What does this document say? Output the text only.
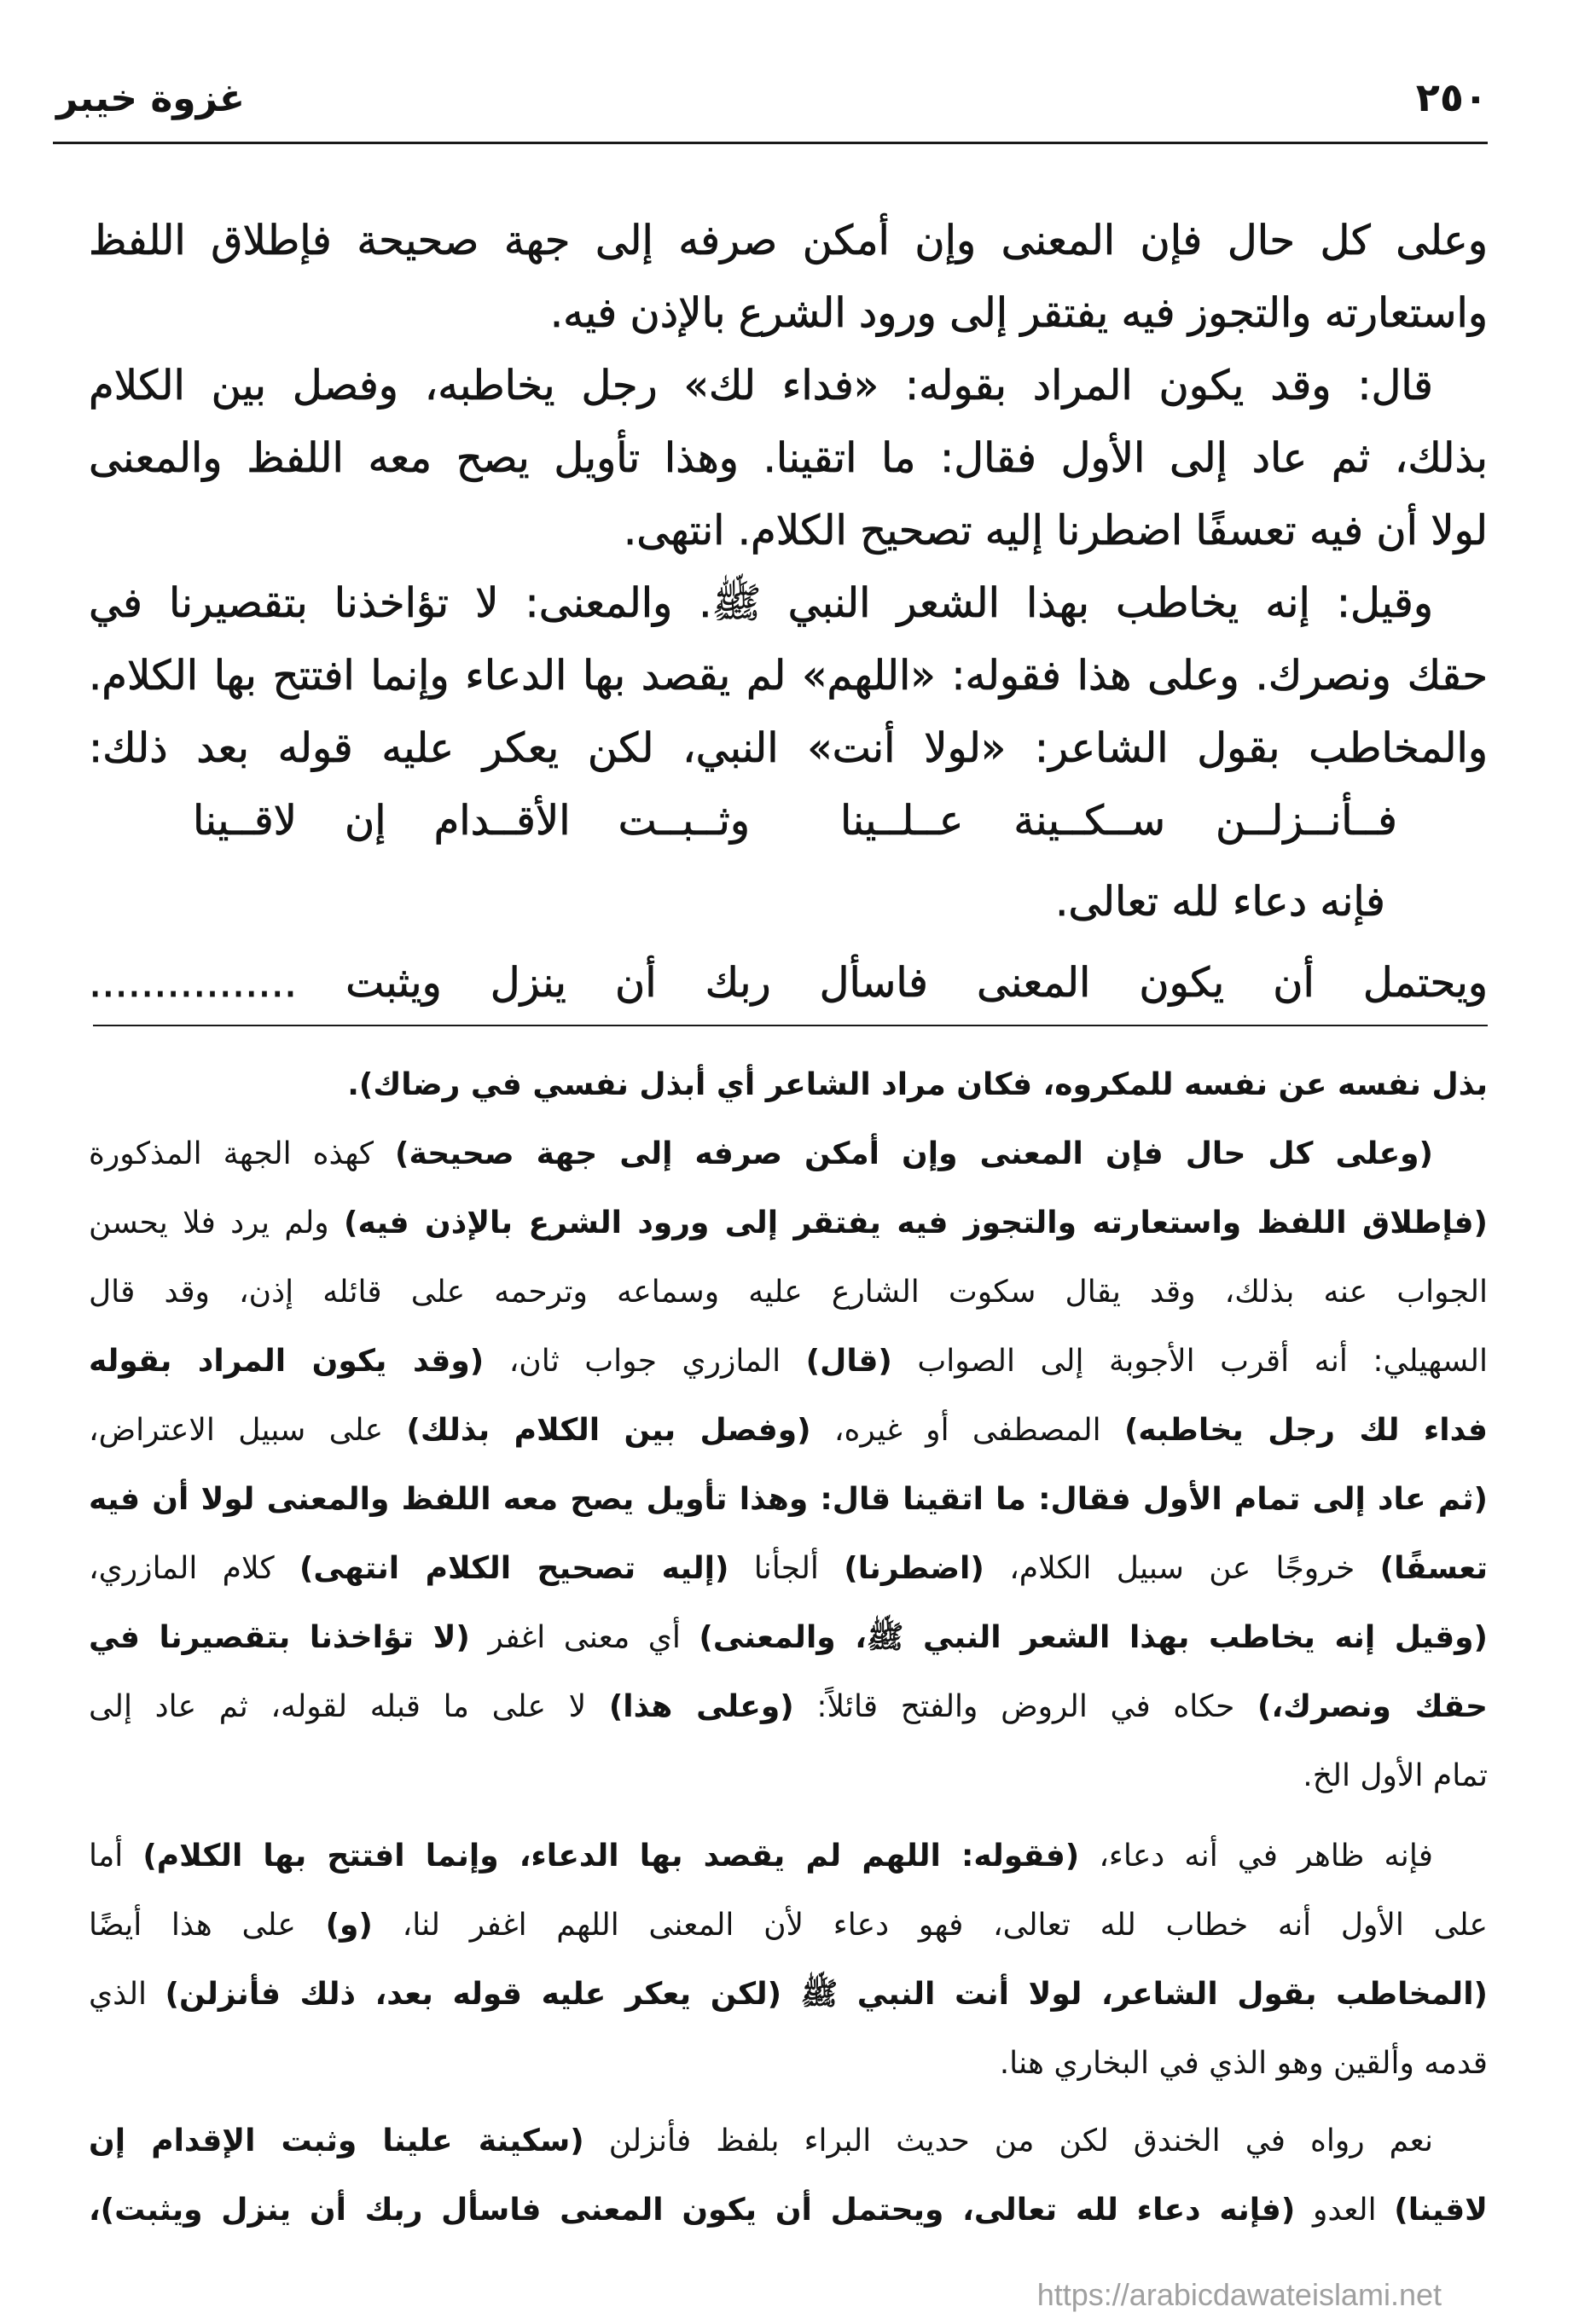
٢٥٠
غزوة خيبر
وعلى كل حال فإن المعنى وإن أمكن صرفه إلى جهة صحيحة فإطلاق اللفظ
واستعارته والتجوز فيه يفتقر إلى ورود الشرع بالإذن فيه.
قال: وقد يكون المراد بقوله: «فداء لك» رجل يخاطبه، وفصل بين الكلام
بذلك، ثم عاد إلى الأول فقال: ما اتقينا. وهذا تأويل يصح معه اللفظ والمعنى
لولا أن فيه تعسفًا اضطرنا إليه تصحيح الكلام. انتهى.
وقيل: إنه يخاطب بهذا الشعر النبي ﷺ. والمعنى: لا تؤاخذنا بتقصيرنا في
حقك ونصرك. وعلى هذا فقوله: «اللهم» لم يقصد بها الدعاء وإنما افتتح بها الكلام.
والمخاطب بقول الشاعر: «لولا أنت» النبي، لكن يعكر عليه قوله بعد ذلك:
فــأنــزلــن ســكــينة عــلــينا
وثــبــت الأقــدام إن لاقــينا
فإنه دعاء لله تعالى.
ويحتمل أن يكون المعنى فاسأل ربك أن ينزل ويثبت ................
بذل نفسه عن نفسه للمكروه، فكان مراد الشاعر أي أبذل نفسي في رضاك).
(وعلى كل حال فإن المعنى وإن أمكن صرفه إلى جهة صحيحة) كهذه الجهة المذكورة
(فإطلاق اللفظ واستعارته والتجوز فيه يفتقر إلى ورود الشرع بالإذن فيه) ولم يرد فلا يحسن
الجواب عنه بذلك، وقد يقال سكوت الشارع عليه وسماعه وترحمه على قائله إذن، وقد قال
السهيلي: أنه أقرب الأجوبة إلى الصواب (قال) المازري جواب ثان، (وقد يكون المراد بقوله
فداء لك رجل يخاطبه) المصطفى أو غيره، (وفصل بين الكلام بذلك) على سبيل الاعتراض،
(ثم عاد إلى تمام الأول فقال: ما اتقينا قال: وهذا تأويل يصح معه اللفظ والمعنى لولا أن فيه
تعسفًا) خروجًا عن سبيل الكلام، (اضطرنا) ألجأنا (إليه تصحيح الكلام انتهى) كلام المازري،
(وقيل إنه يخاطب بهذا الشعر النبي ﷺ، والمعنى) أي معنى اغفر (لا تؤاخذنا بتقصيرنا في
حقك ونصرك،) حكاه في الروض والفتح قائلاً: (وعلى هذا) لا على ما قبله لقوله، ثم عاد إلى
تمام الأول الخ.
فإنه ظاهر في أنه دعاء، (فقوله: اللهم لم يقصد بها الدعاء، وإنما افتتح بها الكلام) أما
على الأول أنه خطاب لله تعالى، فهو دعاء لأن المعنى اللهم اغفر لنا، (و) على هذا أيضًا
(المخاطب بقول الشاعر، لولا أنت النبي ﷺ (لكن يعكر عليه قوله بعد، ذلك فأنزلن) الذي
قدمه وألقين وهو الذي في البخاري هنا.
نعم رواه في الخندق لكن من حديث البراء بلفظ فأنزلن (سكينة علينا وثبت الإقدام إن
لاقينا) العدو (فإنه دعاء لله تعالى، ويحتمل أن يكون المعنى فاسأل ربك أن ينزل ويثبت)،
https://arabicdawateislami.net
